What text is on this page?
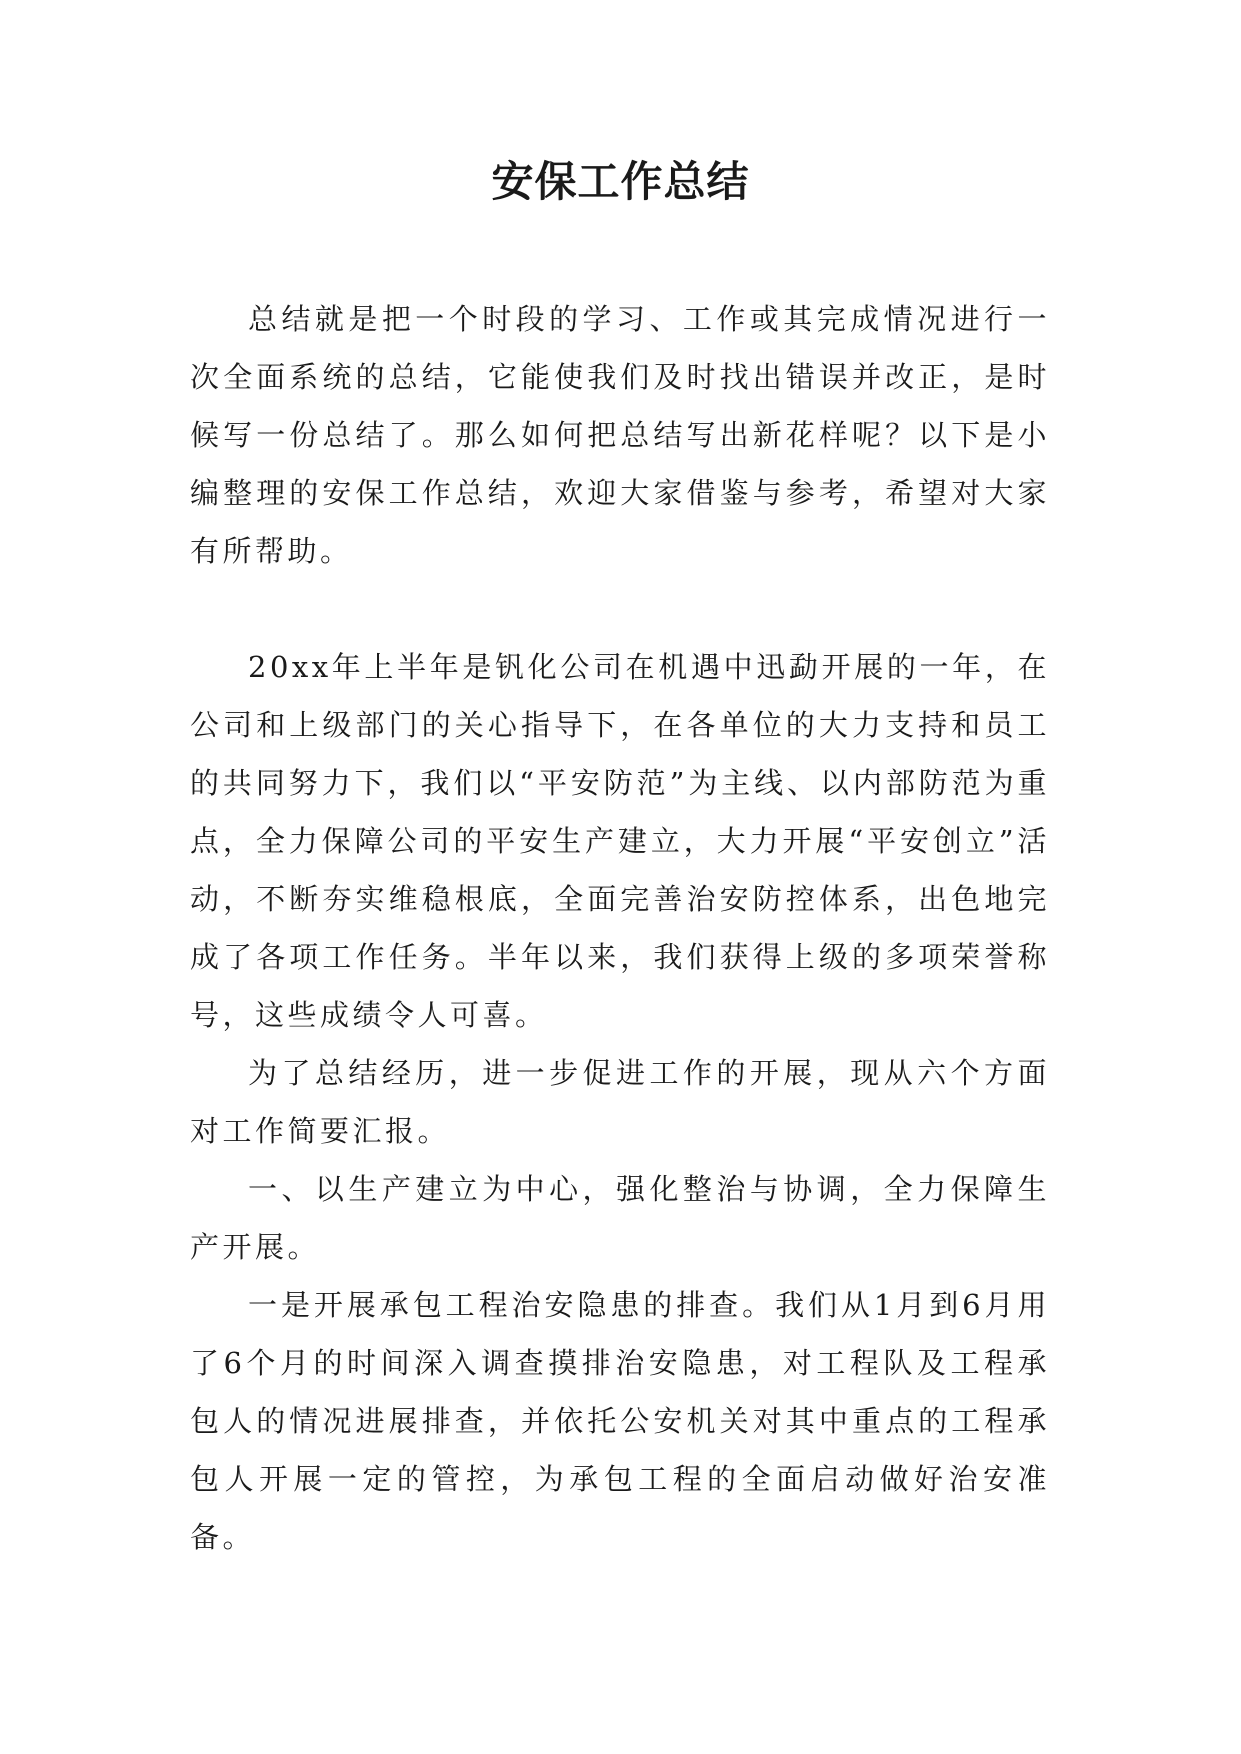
安保工作总结

总结就是把一个时段的学习、工作或其完成情况进行一次全面系统的总结，它能使我们及时找出错误并改正，是时候写一份总结了。那么如何把总结写出新花样呢？以下是小编整理的安保工作总结，欢迎大家借鉴与参考，希望对大家有所帮助。

20xx年上半年是钒化公司在机遇中迅勐开展的一年，在公司和上级部门的关心指导下，在各单位的大力支持和员工的共同努力下，我们以“平安防范”为主线、以内部防范为重点，全力保障公司的平安生产建立，大力开展“平安创立”活动，不断夯实维稳根底，全面完善治安防控体系，出色地完成了各项工作任务。半年以来，我们获得上级的多项荣誉称号，这些成绩令人可喜。

为了总结经历，进一步促进工作的开展，现从六个方面对工作简要汇报。

一、以生产建立为中心，强化整治与协调，全力保障生产开展。

一是开展承包工程治安隐患的排查。我们从1月到6月用了6个月的时间深入调查摸排治安隐患，对工程队及工程承包人的情况进展排查，并依托公安机关对其中重点的工程承包人开展一定的管控，为承包工程的全面启动做好治安准备。
